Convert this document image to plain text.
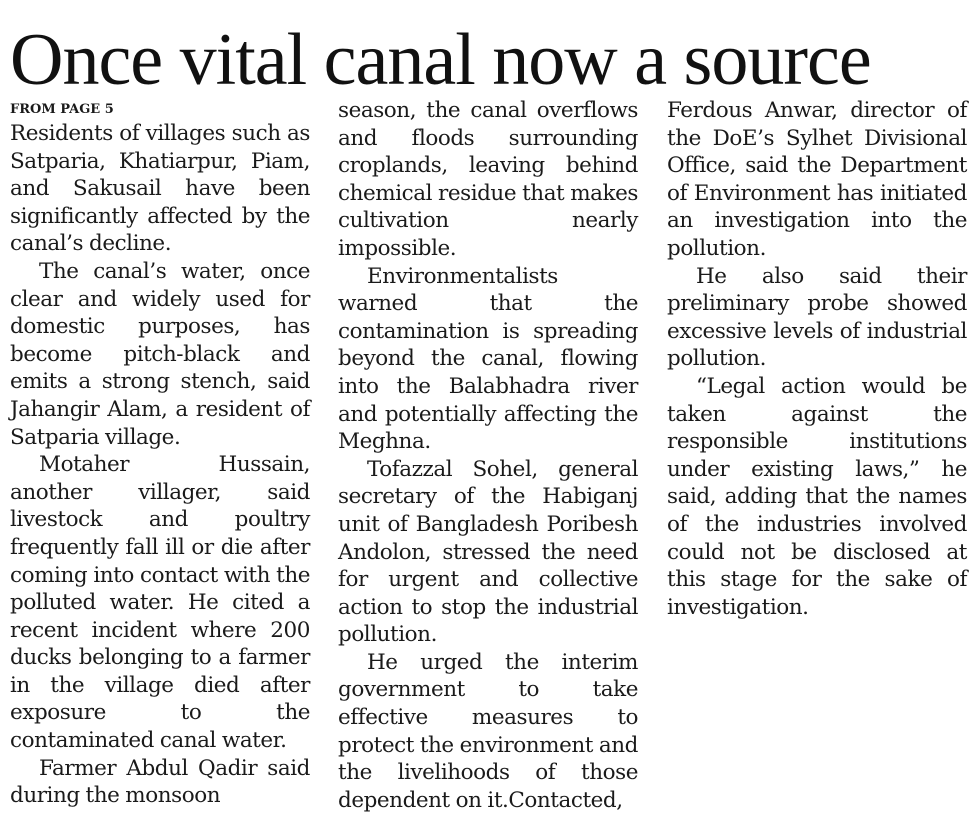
Once vital canal now a source
FROM PAGE 5

Residents of villages such as Satparia, Khatiarpur, Piam, and Sakusail have been significantly affected by the canal’s decline.

The canal’s water, once clear and widely used for domestic purposes, has become pitch-black and emits a strong stench, said Jahangir Alam, a resident of Satparia village.

Motaher Hussain, another villager, said livestock and poultry frequently fall ill or die after coming into contact with the polluted water. He cited a recent incident where 200 ducks belonging to a farmer in the village died after exposure to the contaminated canal water.

Farmer Abdul Qadir said during the monsoon

season, the canal overflows and floods surrounding croplands, leaving behind chemical residue that makes cultivation nearly impossible.

Environmentalists warned that the contamination is spreading beyond the canal, flowing into the Balabhadra river and potentially affecting the Meghna.

Tofazzal Sohel, general secretary of the Habiganj unit of Bangladesh Poribesh Andolon, stressed the need for urgent and collective action to stop the industrial pollution.

He urged the interim government to take effective measures to protect the environment and the livelihoods of those dependent on it.Contacted,

Ferdous Anwar, director of the DoE’s Sylhet Divisional Office, said the Department of Environment has initiated an investigation into the pollution.

He also said their preliminary probe showed excessive levels of industrial pollution.

“Legal action would be taken against the responsible institutions under existing laws,” he said, adding that the names of the industries involved could not be disclosed at this stage for the sake of investigation.
